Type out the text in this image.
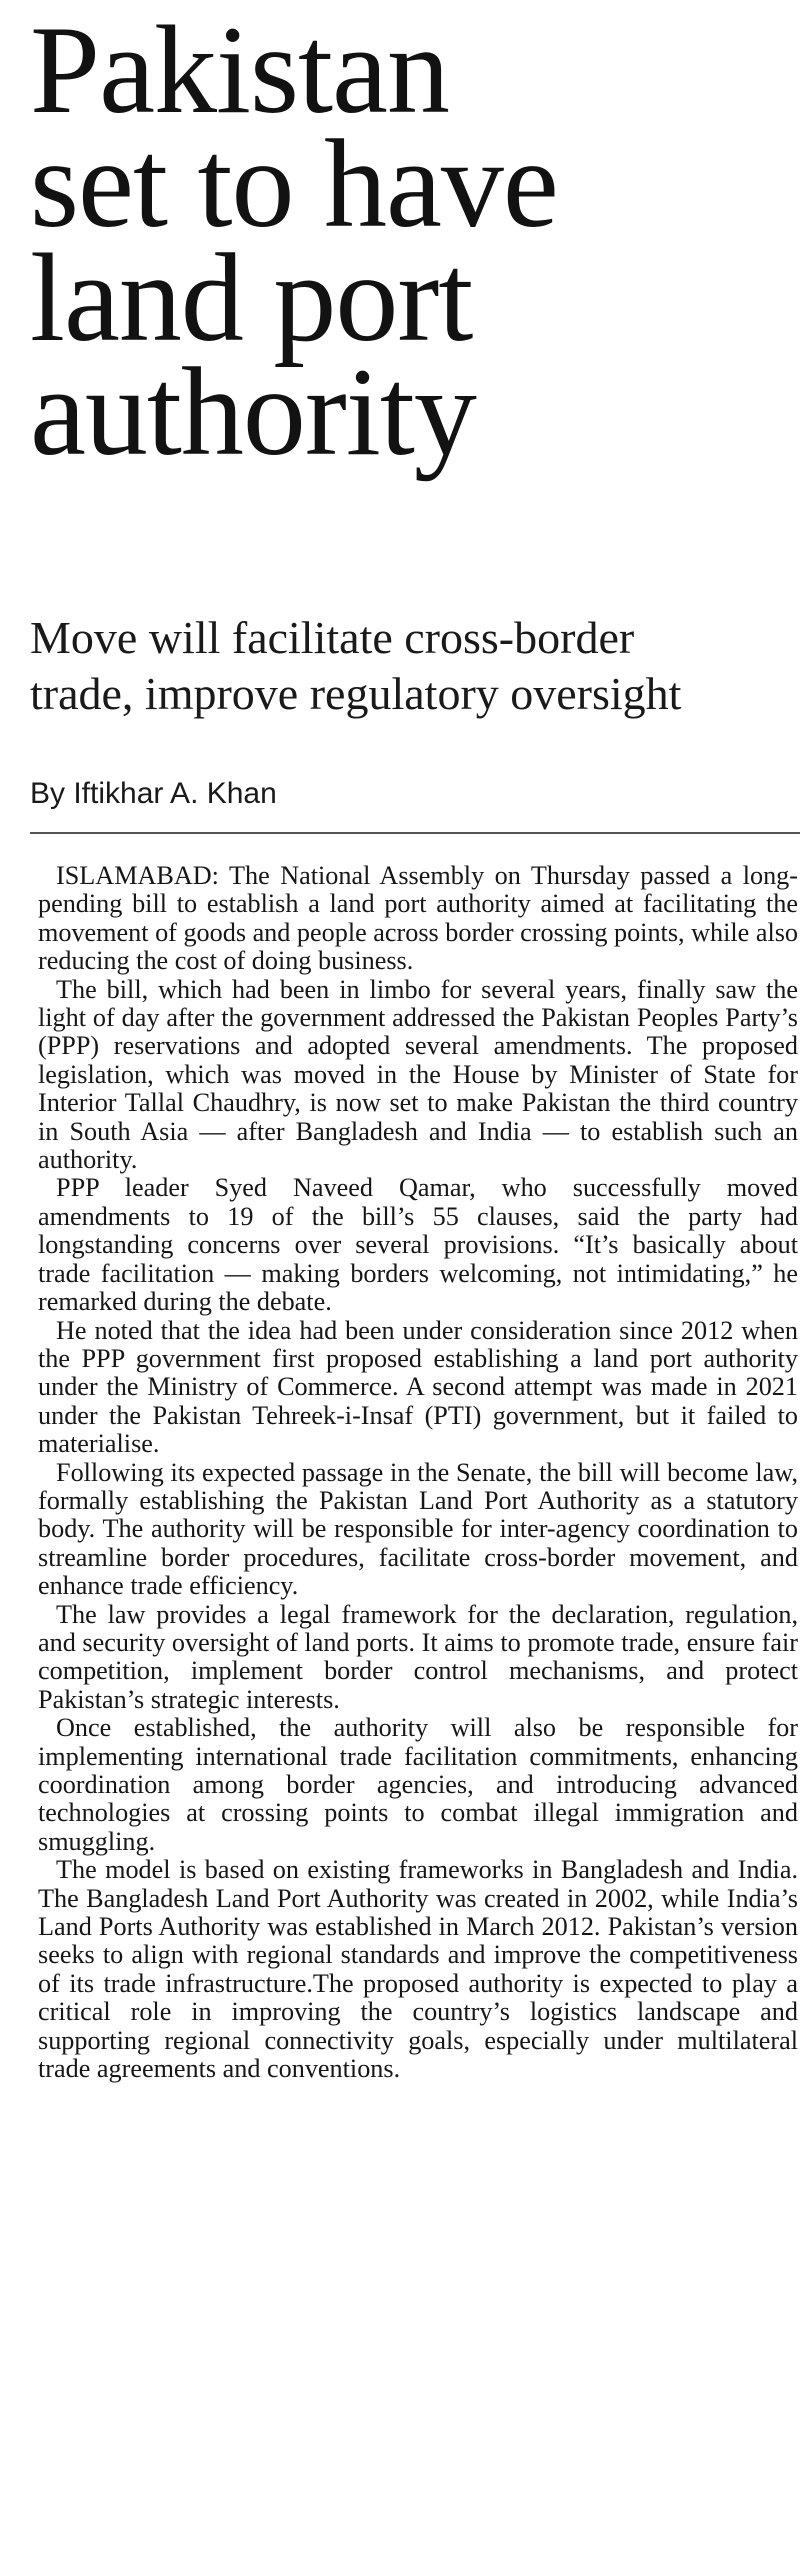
Pakistan
set to have
land port
authority
Move will facilitate cross-border
trade, improve regulatory oversight

By Iftikhar A. Khan

ISLAMABAD: The National Assembly on Thursday passed a long-pending bill to establish a land port authority aimed at facilitating the movement of goods and people across border crossing points, while also reducing the cost of doing business.

The bill, which had been in limbo for several years, finally saw the light of day after the government addressed the Pakistan Peoples Party’s (PPP) reservations and adopted several amendments. The proposed legislation, which was moved in the House by Minister of State for Interior Tallal Chaudhry, is now set to make Pakistan the third country in South Asia — after Bangladesh and India — to establish such an authority.

PPP leader Syed Naveed Qamar, who successfully moved amendments to 19 of the bill’s 55 clauses, said the party had longstanding concerns over several provisions. “It’s basically about trade facilitation — making borders welcoming, not intimidating,” he remarked during the debate.

He noted that the idea had been under consideration since 2012 when the PPP government first proposed establishing a land port authority under the Ministry of Commerce. A second attempt was made in 2021 under the Pakistan Tehreek-i-Insaf (PTI) government, but it failed to materialise.

Following its expected passage in the Senate, the bill will become law, formally establishing the Pakistan Land Port Authority as a statutory body. The authority will be responsible for inter-agency coordination to streamline border procedures, facilitate cross-border movement, and enhance trade efficiency.

The law provides a legal framework for the declaration, regulation, and security oversight of land ports. It aims to promote trade, ensure fair competition, implement border control mechanisms, and protect Pakistan’s strategic interests.

Once established, the authority will also be responsible for implementing international trade facilitation commitments, enhancing coordination among border agencies, and introducing advanced technologies at crossing points to combat illegal immigration and smuggling.

The model is based on existing frameworks in Bangladesh and India. The Bangladesh Land Port Authority was created in 2002, while India’s Land Ports Authority was established in March 2012. Pakistan’s version seeks to align with regional standards and improve the competitiveness of its trade infrastructure.The proposed authority is expected to play a critical role in improving the country’s logistics landscape and supporting regional connectivity goals, especially under multilateral trade agreements and conventions.
